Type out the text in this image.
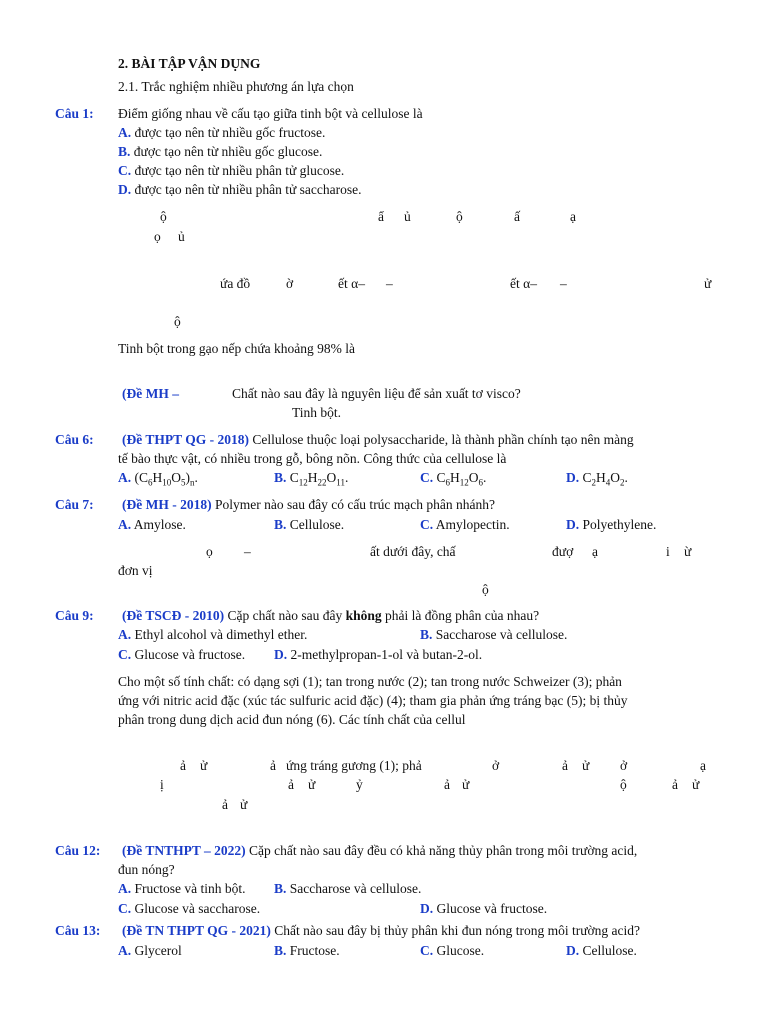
2. BÀI TẬP VẬN DỤNG
2.1. Trắc nghiệm nhiều phương án lựa chọn
Câu 1: Điểm giống nhau về cấu tạo giữa tinh bột và cellulose là
A. được tạo nên từ nhiều gốc fructose.
B. được tạo nên từ nhiều gốc glucose.
C. được tạo nên từ nhiều phân tử glucose.
D. được tạo nên từ nhiều phân tử saccharose.
ộ	ẩ ủ	ộ	ấ	ạ
ọ ủ
ứa đồ	ờ	ết α– –	ết α– –	ử
ộ
Tinh bột trong gạo nếp chứa khoảng 98% là
(Đề MH –	Chất nào sau đây là nguyên liệu để sản xuất tơ visco?
Tinh bột.
Câu 6: (Đề THPT QG - 2018) Cellulose thuộc loại polysaccharide, là thành phần chính tạo nên màng
tế bào thực vật, có nhiều trong gỗ, bông nõn. Công thức của cellulose là
A. $(C_6H_{10}O_5)_n$.	B. $C_{12}H_{22}O_{11}$.	C. $C_6H_{12}O_6$.	D. $C_2H_4O_2$.
Câu 7: (Đề MH - 2018) Polymer nào sau đây có cấu trúc mạch phân nhánh?
A. Amylose.	B. Cellulose.	C. Amylopectin.	D. Polyethylene.
ọ –	ất dưới đây, chấ	đượ ạ	i ừ
đơn vị
ộ
Câu 9: (Đề TSCĐ - 2010) Cặp chất nào sau đây không phải là đồng phân của nhau?
A. Ethyl alcohol và dimethyl ether.	B. Saccharose và cellulose.
C. Glucose và fructose. D. 2-methylpropan-1-ol và butan-2-ol.
Cho một số tính chất: có dạng sợi (1); tan trong nước (2); tan trong nước Schweizer (3); phản
ứng với nitric acid đặc (xúc tác sulfuric acid đặc) (4); tham gia phản ứng tráng bạc (5); bị thủy
phân trong dung dịch acid đun nóng (6). Các tính chất của cellul
ả ử	ả ứng tráng gương (1); phả	ở	ả ử ở	ạ
ị	ả ử	ỷ	ả ử	ộ	ả ử
ả ử
Câu 12: (Đề TNTHPT – 2022) Cặp chất nào sau đây đều có khả năng thủy phân trong môi trường acid,
đun nóng?
A. Fructose và tinh bột. B. Saccharose và cellulose.
C. Glucose và saccharose.	D. Glucose và fructose.
Câu 13: (Đề TN THPT QG - 2021) Chất nào sau đây bị thủy phân khi đun nóng trong môi trường acid?
A. Glycerol	B. Fructose.	C. Glucose.	D. Cellulose.
